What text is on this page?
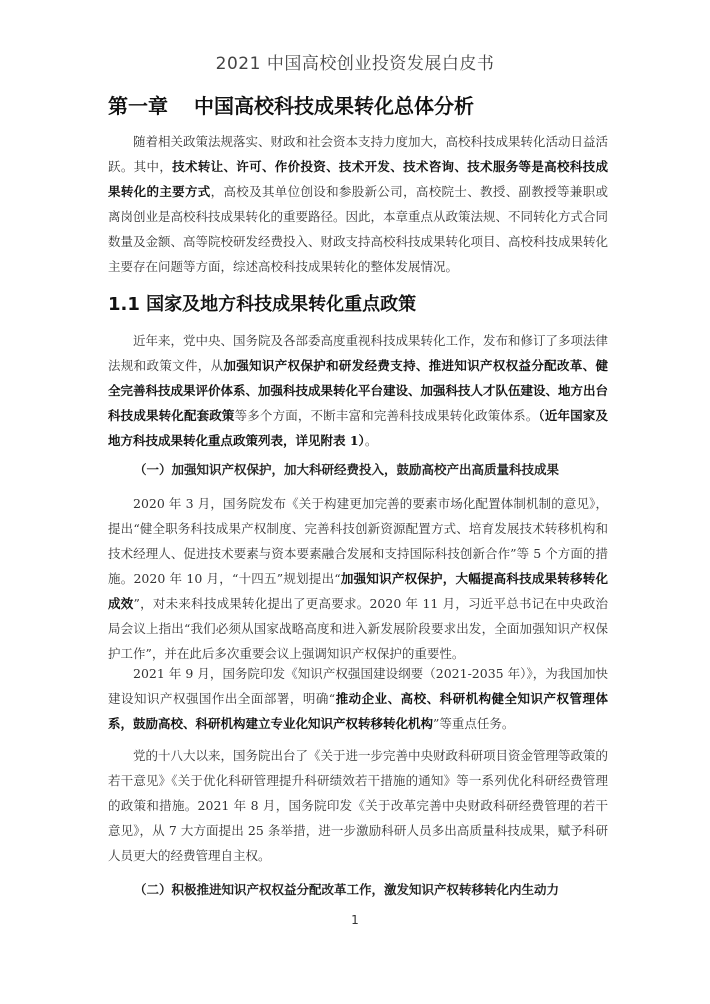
2021 中国高校创业投资发展白皮书
第一章 中国高校科技成果转化总体分析

随着相关政策法规落实、财政和社会资本支持力度加大，高校科技成果转化活动日益活跃。其中，技术转让、许可、作价投资、技术开发、技术咨询、技术服务等是高校科技成果转化的主要方式，高校及其单位创设和参股新公司，高校院士、教授、副教授等兼职或离岗创业是高校科技成果转化的重要路径。因此，本章重点从政策法规、不同转化方式合同数量及金额、高等院校研发经费投入、财政支持高校科技成果转化项目、高校科技成果转化主要存在问题等方面，综述高校科技成果转化的整体发展情况。

1.1 国家及地方科技成果转化重点政策

近年来，党中央、国务院及各部委高度重视科技成果转化工作，发布和修订了多项法律法规和政策文件，从加强知识产权保护和研发经费支持、推进知识产权权益分配改革、健全完善科技成果评价体系、加强科技成果转化平台建设、加强科技人才队伍建设、地方出台科技成果转化配套政策等多个方面，不断丰富和完善科技成果转化政策体系。（近年国家及地方科技成果转化重点政策列表，详见附表 1）。

（一）加强知识产权保护，加大科研经费投入，鼓励高校产出高质量科技成果

2020 年 3 月，国务院发布《关于构建更加完善的要素市场化配置体制机制的意见》，提出“健全职务科技成果产权制度、完善科技创新资源配置方式、培育发展技术转移机构和技术经理人、促进技术要素与资本要素融合发展和支持国际科技创新合作”等 5 个方面的措施。2020 年 10 月，“十四五”规划提出“加强知识产权保护，大幅提高科技成果转移转化成效”，对未来科技成果转化提出了更高要求。2020 年 11 月，习近平总书记在中央政治局会议上指出“我们必须从国家战略高度和进入新发展阶段要求出发，全面加强知识产权保护工作”，并在此后多次重要会议上强调知识产权保护的重要性。

2021 年 9 月，国务院印发《知识产权强国建设纲要（2021-2035 年）》，为我国加快建设知识产权强国作出全面部署，明确“推动企业、高校、科研机构健全知识产权管理体系，鼓励高校、科研机构建立专业化知识产权转移转化机构”等重点任务。

党的十八大以来，国务院出台了《关于进一步完善中央财政科研项目资金管理等政策的若干意见》《关于优化科研管理提升科研绩效若干措施的通知》等一系列优化科研经费管理的政策和措施。2021 年 8 月，国务院印发《关于改革完善中央财政科研经费管理的若干意见》，从 7 大方面提出 25 条举措，进一步激励科研人员多出高质量科技成果，赋予科研人员更大的经费管理自主权。

（二）积极推进知识产权权益分配改革工作，激发知识产权转移转化内生动力
1
